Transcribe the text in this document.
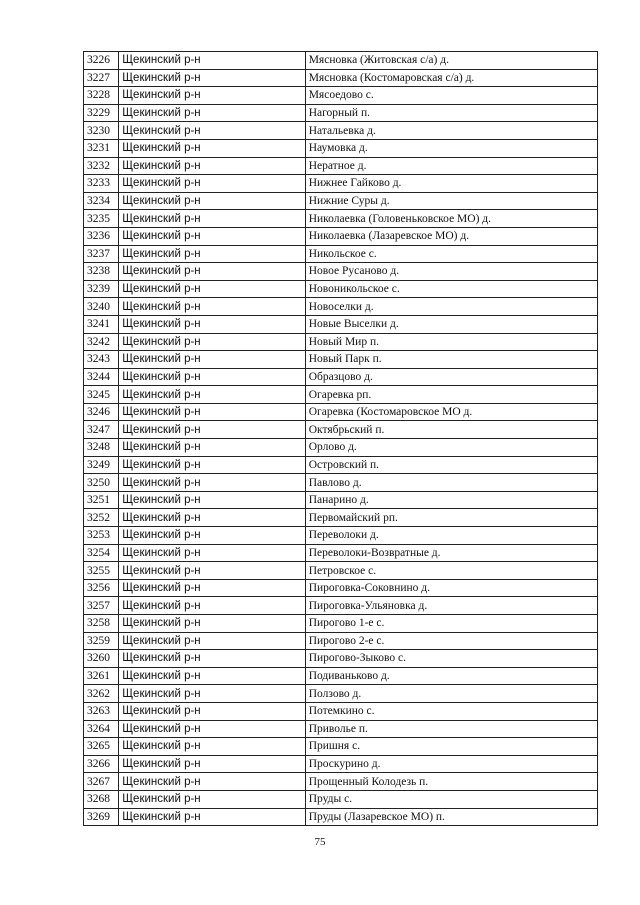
3226	Щекинский р-н	Мясновка (Житовская с/а) д.
3227	Щекинский р-н	Мясновка (Костомаровская с/а) д.
3228	Щекинский р-н	Мясоедово с.
3229	Щекинский р-н	Нагорный п.
3230	Щекинский р-н	Натальевка д.
3231	Щекинский р-н	Наумовка д.
3232	Щекинский р-н	Нератное д.
3233	Щекинский р-н	Нижнее Гайково д.
3234	Щекинский р-н	Нижние Суры д.
3235	Щекинский р-н	Николаевка (Головеньковское МО) д.
3236	Щекинский р-н	Николаевка (Лазаревское МО) д.
3237	Щекинский р-н	Никольское с.
3238	Щекинский р-н	Новое Русаново д.
3239	Щекинский р-н	Новоникольское с.
3240	Щекинский р-н	Новоселки д.
3241	Щекинский р-н	Новые Выселки д.
3242	Щекинский р-н	Новый Мир п.
3243	Щекинский р-н	Новый Парк п.
3244	Щекинский р-н	Образцово д.
3245	Щекинский р-н	Огаревка рп.
3246	Щекинский р-н	Огаревка (Костомаровское МО д.
3247	Щекинский р-н	Октябрьский п.
3248	Щекинский р-н	Орлово д.
3249	Щекинский р-н	Островский п.
3250	Щекинский р-н	Павлово д.
3251	Щекинский р-н	Панарино д.
3252	Щекинский р-н	Первомайский рп.
3253	Щекинский р-н	Переволоки д.
3254	Щекинский р-н	Переволоки-Возвратные д.
3255	Щекинский р-н	Петровское с.
3256	Щекинский р-н	Пироговка-Соковнино д.
3257	Щекинский р-н	Пироговка-Ульяновка д.
3258	Щекинский р-н	Пирогово 1-е с.
3259	Щекинский р-н	Пирогово 2-е с.
3260	Щекинский р-н	Пирогово-Зыково с.
3261	Щекинский р-н	Подиваньково д.
3262	Щекинский р-н	Ползово д.
3263	Щекинский р-н	Потемкино с.
3264	Щекинский р-н	Приволье п.
3265	Щекинский р-н	Пришня с.
3266	Щекинский р-н	Проскурино д.
3267	Щекинский р-н	Прощенный Колодезь п.
3268	Щекинский р-н	Пруды с.
3269	Щекинский р-н	Пруды (Лазаревское МО) п.
75
